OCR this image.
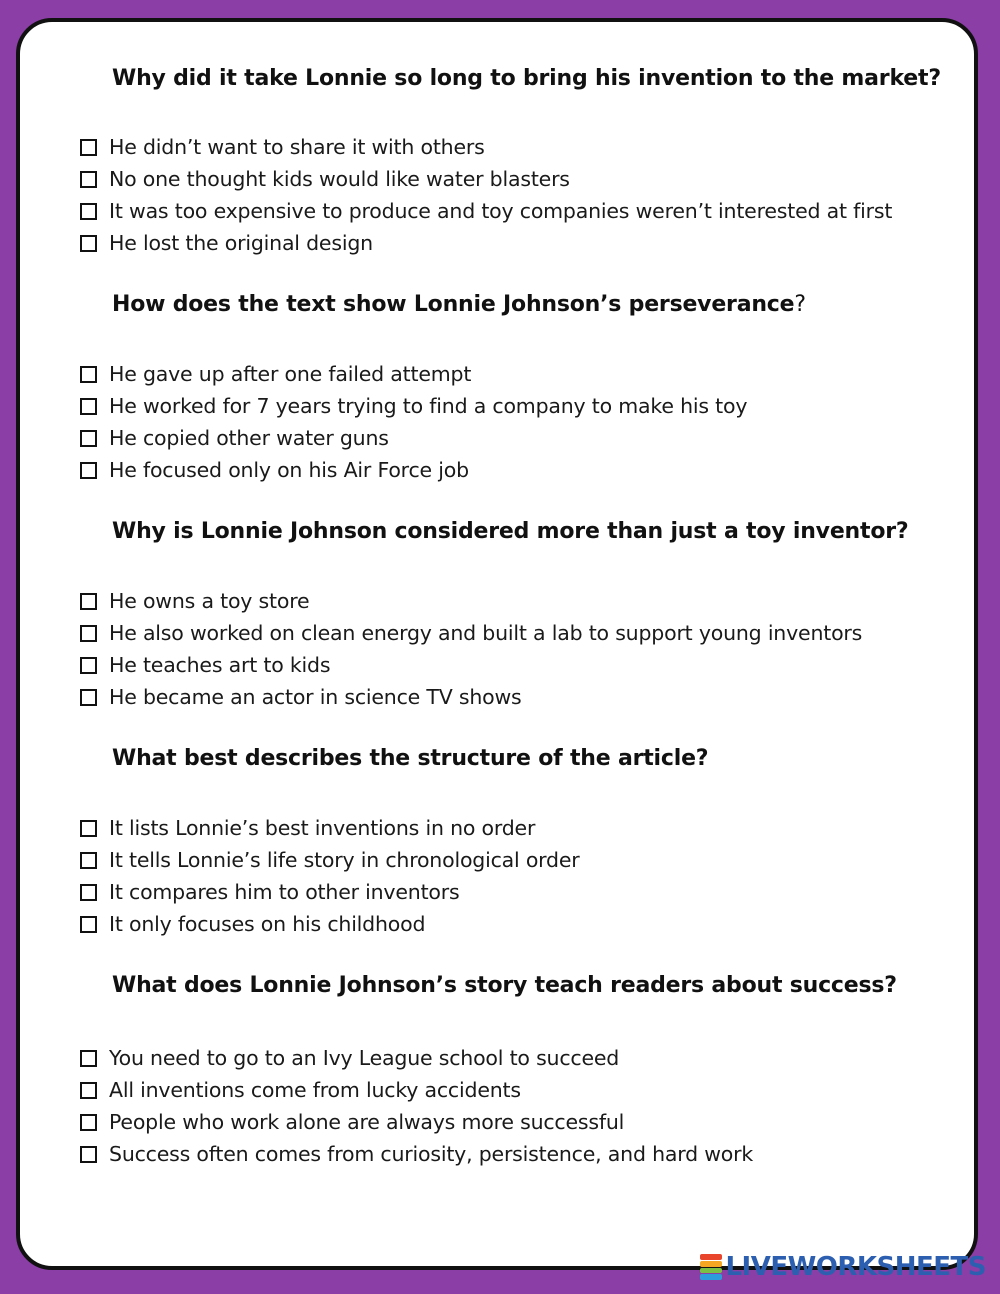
Why did it take Lonnie so long to bring his invention to the market?
He didn’t want to share it with others
No one thought kids would like water blasters
It was too expensive to produce and toy companies weren’t interested at first
He lost the original design
How does the text show Lonnie Johnson’s perseverance?
He gave up after one failed attempt
He worked for 7 years trying to find a company to make his toy
He copied other water guns
He focused only on his Air Force job
Why is Lonnie Johnson considered more than just a toy inventor?
He owns a toy store
He also worked on clean energy and built a lab to support young inventors
He teaches art to kids
He became an actor in science TV shows
What best describes the structure of the article?
It lists Lonnie’s best inventions in no order
It tells Lonnie’s life story in chronological order
It compares him to other inventors
It only focuses on his childhood
What does Lonnie Johnson’s story teach readers about success?
You need to go to an Ivy League school to succeed
All inventions come from lucky accidents
People who work alone are always more successful
Success often comes from curiosity, persistence, and hard work
LIVEWORKSHEETS
